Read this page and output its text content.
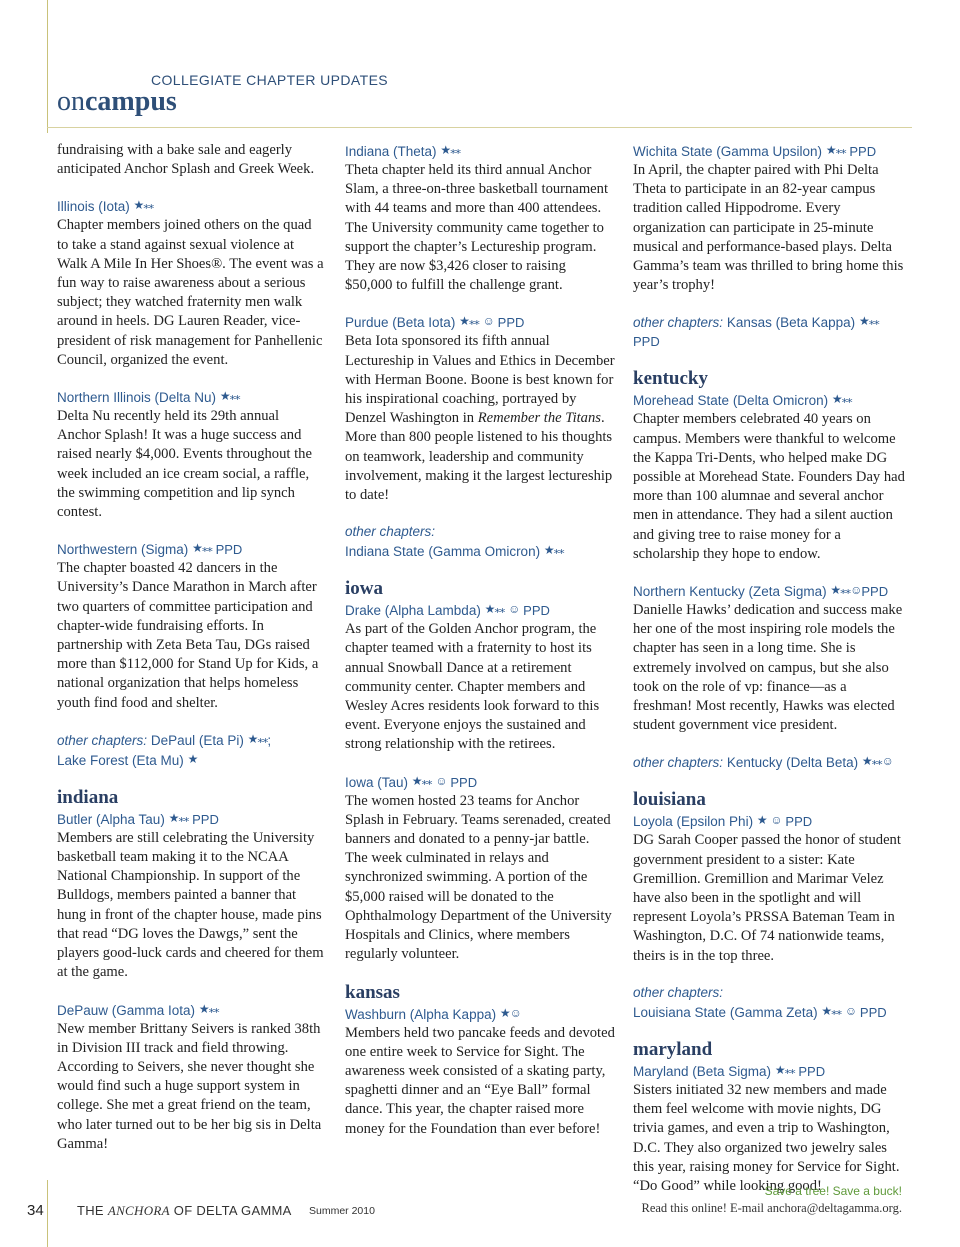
COLLEGIATE CHAPTER UPDATES
oncampus

fundraising with a bake sale and eagerly anticipated Anchor Splash and Greek Week.

Illinois (Iota) ★⁎⁎

Chapter members joined others on the quad to take a stand against sexual violence at Walk A Mile In Her Shoes®. The event was a fun way to raise awareness about a serious subject; they watched fraternity men walk around in heels. DG Lauren Reader, vice-president of risk management for Panhellenic Council, organized the event.

Northern Illinois (Delta Nu) ★⁎⁎

Delta Nu recently held its 29th annual Anchor Splash! It was a huge success and raised nearly $4,000. Events throughout the week included an ice cream social, a raffle, the swimming competition and lip synch contest.

Northwestern (Sigma) ★⁎⁎ PPD

The chapter boasted 42 dancers in the University’s Dance Marathon in March after two quarters of committee participation and chapter-wide fundraising efforts. In partnership with Zeta Beta Tau, DGs raised more than $112,000 for Stand Up for Kids, a national organization that helps homeless youth find food and shelter.

other chapters: DePaul (Eta Pi) ★⁎⁎;
Lake Forest (Eta Mu) ★
indiana
Butler (Alpha Tau) ★⁎⁎ PPD

Members are still celebrating the University basketball team making it to the NCAA National Championship. In support of the Bulldogs, members painted a banner that hung in front of the chapter house, made pins that read “DG loves the Dawgs,” sent the players good-luck cards and cheered for them at the game.

DePauw (Gamma Iota) ★⁎⁎

New member Brittany Seivers is ranked 38th in Division III track and field throwing. According to Seivers, she never thought she would find such a huge support system in college. She met a great friend on the team, who later turned out to be her big sis in Delta Gamma!

Indiana (Theta) ★⁎⁎

Theta chapter held its third annual Anchor Slam, a three-on-three basketball tournament with 44 teams and more than 400 attendees. The University community came together to support the chapter’s Lectureship program. They are now $3,426 closer to raising $50,000 to fulfill the challenge grant.

Purdue (Beta Iota) ★⁎⁎ ☺ PPD

Beta Iota sponsored its fifth annual Lectureship in Values and Ethics in December with Herman Boone. Boone is best known for his inspirational coaching, portrayed by Denzel Washington in Remember the Titans. More than 800 people listened to his thoughts on teamwork, leadership and community involvement, making it the largest lectureship to date!

other chapters:
Indiana State (Gamma Omicron) ★⁎⁎
iowa
Drake (Alpha Lambda) ★⁎⁎ ☺ PPD

As part of the Golden Anchor program, the chapter teamed with a fraternity to host its annual Snowball Dance at a retirement community center. Chapter members and Wesley Acres residents look forward to this event. Everyone enjoys the sustained and strong relationship with the retirees.

Iowa (Tau) ★⁎⁎ ☺ PPD

The women hosted 23 teams for Anchor Splash in February. Teams serenaded, created banners and donated to a penny-jar battle. The week culminated in relays and synchronized swimming. A portion of the $5,000 raised will be donated to the Ophthalmology Department of the University Hospitals and Clinics, where members regularly volunteer.

kansas
Washburn (Alpha Kappa) ★☺

Members held two pancake feeds and devoted one entire week to Service for Sight. The awareness week consisted of a skating party, spaghetti dinner and an “Eye Ball” formal dance. This year, the chapter raised more money for the Foundation than ever before!

Wichita State (Gamma Upsilon) ★⁎⁎ PPD

In April, the chapter paired with Phi Delta Theta to participate in an 82-year campus tradition called Hippodrome. Every organization can participate in 25-minute musical and performance-based plays. Delta Gamma’s team was thrilled to bring home this year’s trophy!

other chapters: Kansas (Beta Kappa) ★⁎⁎ PPD
kentucky
Morehead State (Delta Omicron) ★⁎⁎

Chapter members celebrated 40 years on campus. Members were thankful to welcome the Kappa Tri-Dents, who helped make DG possible at Morehead State. Founders Day had more than 100 alumnae and several anchor men in attendance. They had a silent auction and giving tree to raise money for a scholarship they hope to endow.

Northern Kentucky (Zeta Sigma) ★⁎⁎☺PPD

Danielle Hawks’ dedication and success make her one of the most inspiring role models the chapter has seen in a long time. She is extremely involved on campus, but she also took on the role of vp: finance—as a freshman! Most recently, Hawks was elected student government vice president.

other chapters: Kentucky (Delta Beta) ★⁎⁎☺
louisiana
Loyola (Epsilon Phi) ★ ☺ PPD

DG Sarah Cooper passed the honor of student government president to a sister: Kate Gremillion. Gremillion and Marimar Velez have also been in the spotlight and will represent Loyola’s PRSSA Bateman Team in Washington, D.C. Of 74 nationwide teams, theirs is in the top three.

other chapters:
Louisiana State (Gamma Zeta) ★⁎⁎ ☺ PPD
maryland
Maryland (Beta Sigma) ★⁎⁎ PPD

Sisters initiated 32 new members and made them feel welcome with movie nights, DG trivia games, and even a trip to Washington, D.C. They also organized two jewelry sales this year, raising money for Service for Sight. “Do Good” while looking good!

34	THE ANCHORA OF DELTA GAMMA Summer 2010
Save a tree! Save a buck!
Read this online! E-mail anchora@deltagamma.org.
